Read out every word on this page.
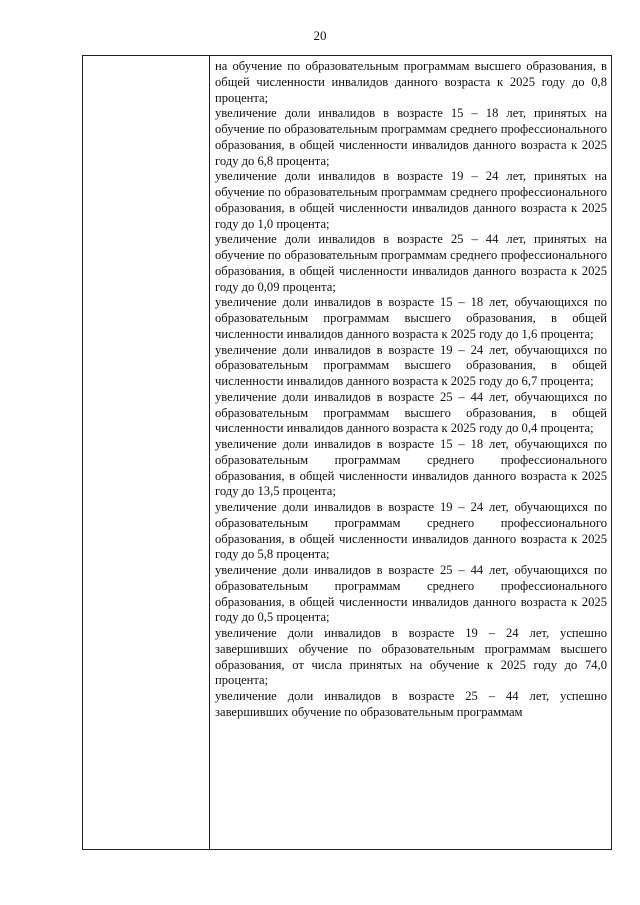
20

на обучение по образовательным программам высшего образования, в общей численности инвалидов данного возраста к 2025 году до 0,8 процента;

увеличение доли инвалидов в возрасте 15 – 18 лет, принятых на обучение по образовательным программам среднего профессионального образования, в общей численности инвалидов данного возраста к 2025 году до 6,8 процента;

увеличение доли инвалидов в возрасте 19 – 24 лет, принятых на обучение по образовательным программам среднего профессионального образования, в общей численности инвалидов данного возраста к 2025 году до 1,0 процента;

увеличение доли инвалидов в возрасте 25 – 44 лет, принятых на обучение по образовательным программам среднего профессионального образования, в общей численности инвалидов данного возраста к 2025 году до 0,09 процента;

увеличение доли инвалидов в возрасте 15 – 18 лет, обучающихся по образовательным программам высшего образования, в общей численности инвалидов данного возраста к 2025 году до 1,6 процента;

увеличение доли инвалидов в возрасте 19 – 24 лет, обучающихся по образовательным программам высшего образования, в общей численности инвалидов данного возраста к 2025 году до 6,7 процента;

увеличение доли инвалидов в возрасте 25 – 44 лет, обучающихся по образовательным программам высшего образования, в общей численности инвалидов данного возраста к 2025 году до 0,4 процента;

увеличение доли инвалидов в возрасте 15 – 18 лет, обучающихся по образовательным программам среднего профессионального образования, в общей численности инвалидов данного возраста к 2025 году до 13,5 процента;

увеличение доли инвалидов в возрасте 19 – 24 лет, обучающихся по образовательным программам среднего профессионального образования, в общей численности инвалидов данного возраста к 2025 году до 5,8 процента;

увеличение доли инвалидов в возрасте 25 – 44 лет, обучающихся по образовательным программам среднего профессионального образования, в общей численности инвалидов данного возраста к 2025 году до 0,5 процента;

увеличение доли инвалидов в возрасте 19 – 24 лет, успешно завершивших обучение по образовательным программам высшего образования, от числа принятых на обучение к 2025 году до 74,0 процента;

увеличение доли инвалидов в возрасте 25 – 44 лет, успешно завершивших обучение по образовательным программам
